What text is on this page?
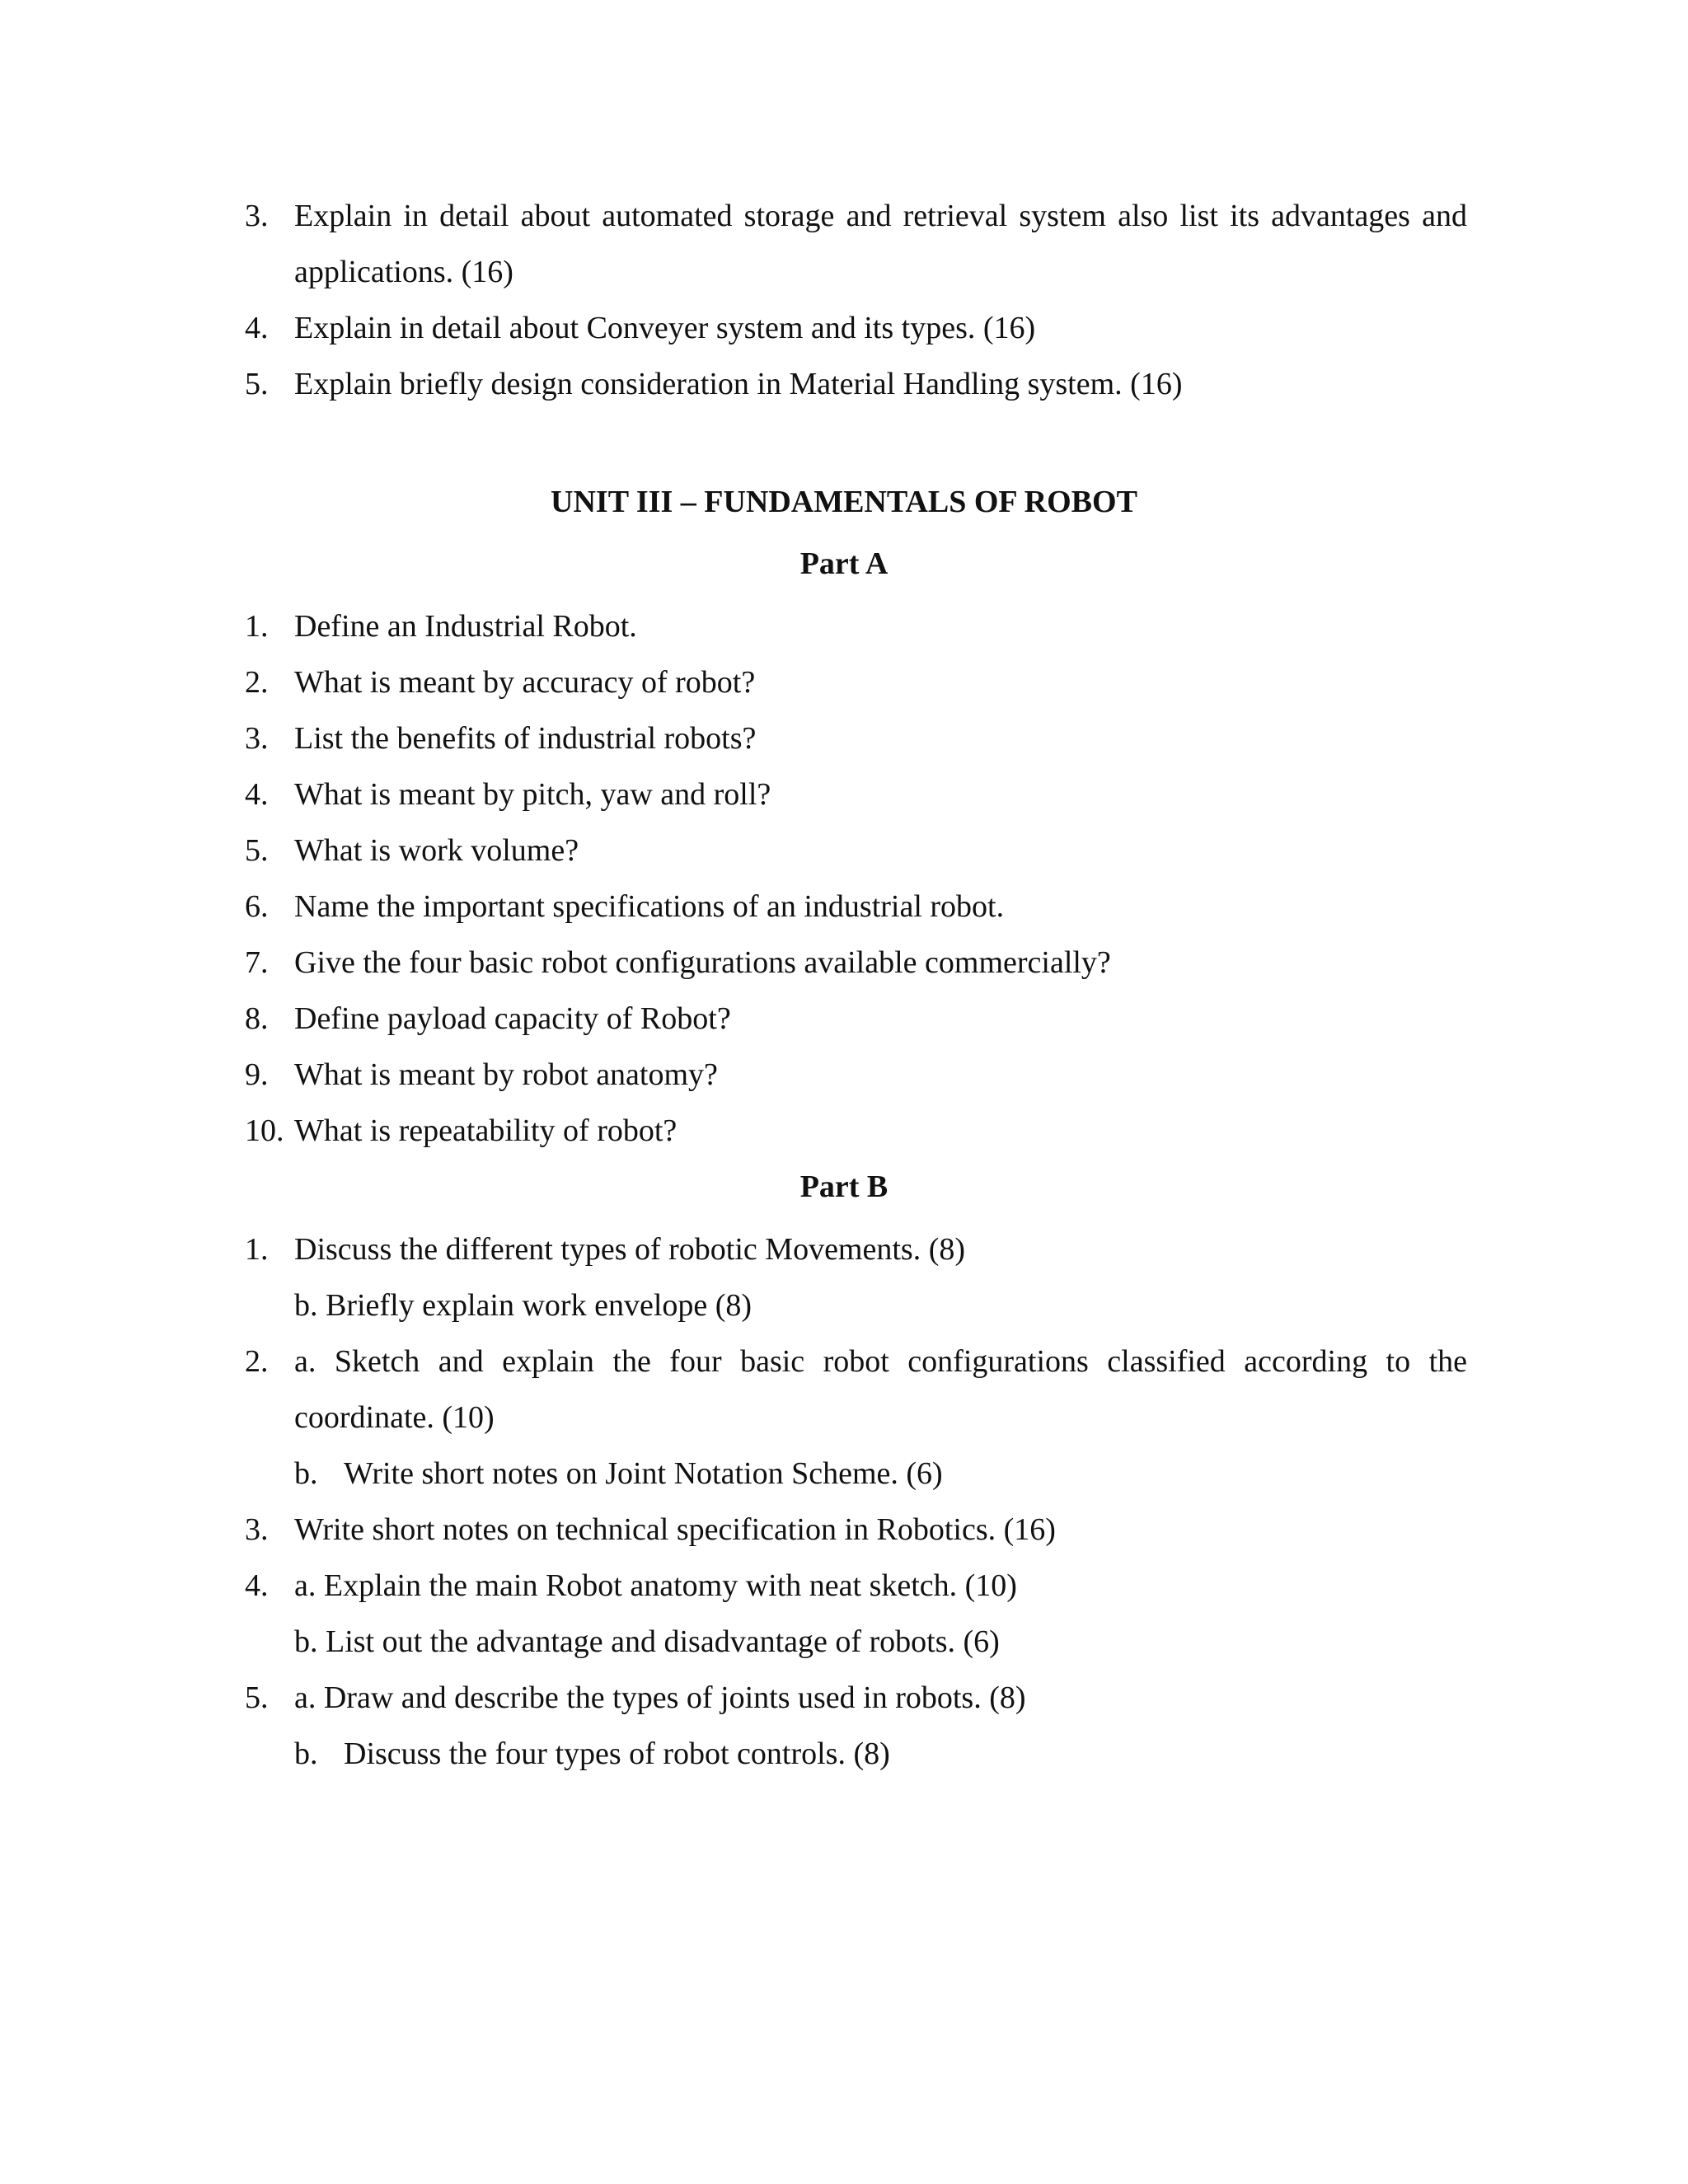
3. Explain in detail about automated storage and retrieval system also list its advantages and
applications. (16)
4. Explain in detail about Conveyer system and its types. (16)
5. Explain briefly design consideration in Material Handling system. (16)
UNIT III – FUNDAMENTALS OF ROBOT
Part A
1. Define an Industrial Robot.
2. What is meant by accuracy of robot?
3. List the benefits of industrial robots?
4. What is meant by pitch, yaw and roll?
5. What is work volume?
6. Name the important specifications of an industrial robot.
7. Give the four basic robot configurations available commercially?
8. Define payload capacity of Robot?
9. What is meant by robot anatomy?
10. What is repeatability of robot?
Part B
1. Discuss the different types of robotic Movements. (8)
b. Briefly explain work envelope (8)
2. a. Sketch and explain the four basic robot configurations classified according to the
coordinate. (10)
b. Write short notes on Joint Notation Scheme. (6)
3. Write short notes on technical specification in Robotics. (16)
4. a. Explain the main Robot anatomy with neat sketch. (10)
b. List out the advantage and disadvantage of robots. (6)
5. a. Draw and describe the types of joints used in robots. (8)
b. Discuss the four types of robot controls. (8)
